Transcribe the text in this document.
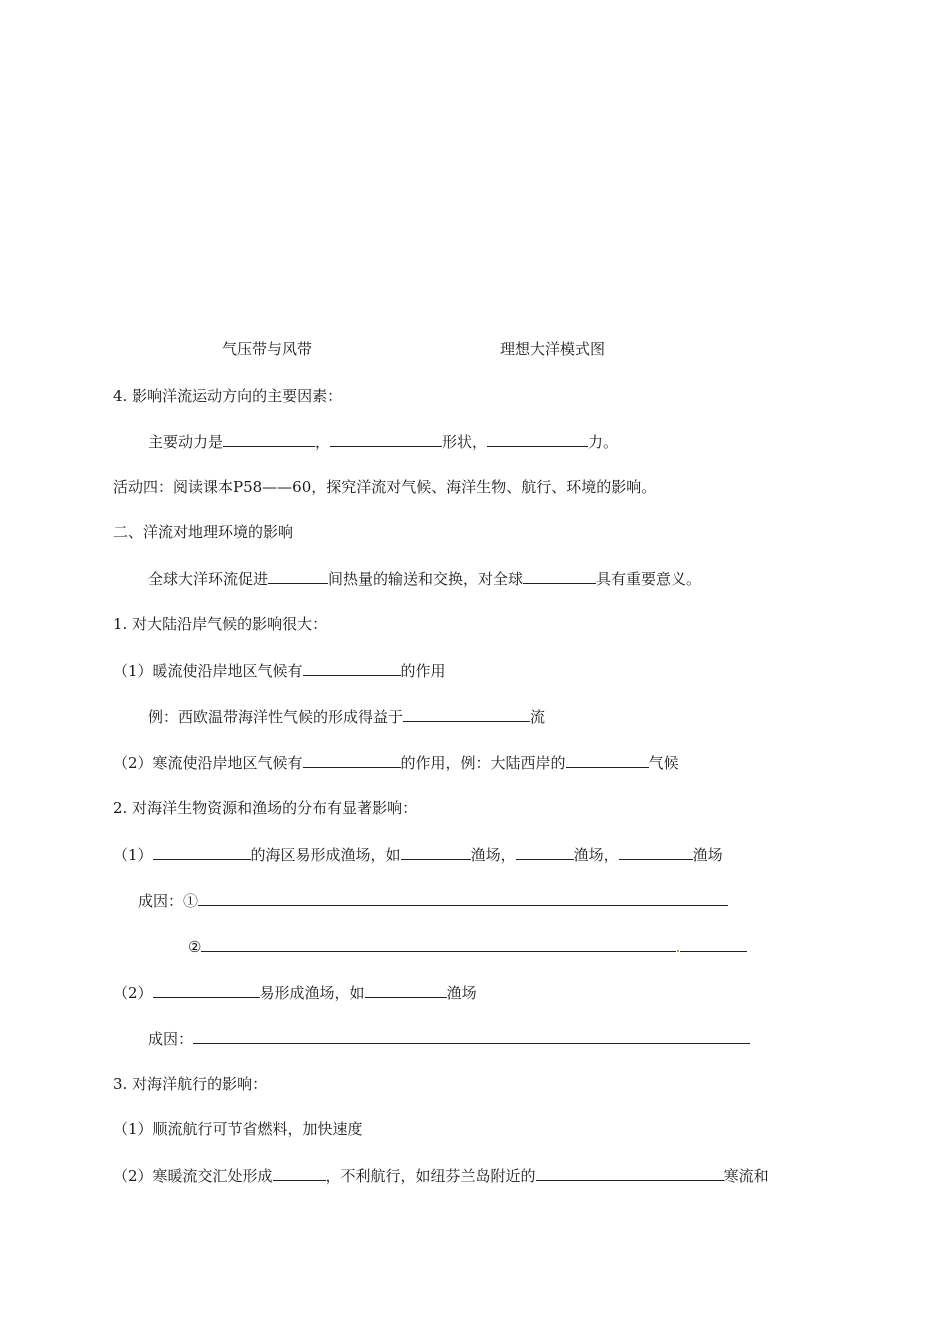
气压带与风带	理想大洋模式图
4. 影响洋流运动方向的主要因素：
主要动力是	，	形状，	力。
活动四：阅读课本P58——60，探究洋流对气候、海洋生物、航行、环境的影响。
二、洋流对地理环境的影响
全球大洋环流促进	间热量的输送和交换，对全球	具有重要意义。
1. 对大陆沿岸气候的影响很大：
（1）暖流使沿岸地区气候有	的作用
例：西欧温带海洋性气候的形成得益于	流
（2）寒流使沿岸地区气候有	的作用，例：大陆西岸的	气候
2. 对海洋生物资源和渔场的分布有显著影响：
（1）	的海区易形成渔场，如	渔场，	渔场，	渔场
成因：①
②
（2）	易形成渔场，如	渔场
成因：
3. 对海洋航行的影响：
（1）顺流航行可节省燃料，加快速度
（2）寒暖流交汇处形成	，不利航行，如纽芬兰岛附近的	寒流和
